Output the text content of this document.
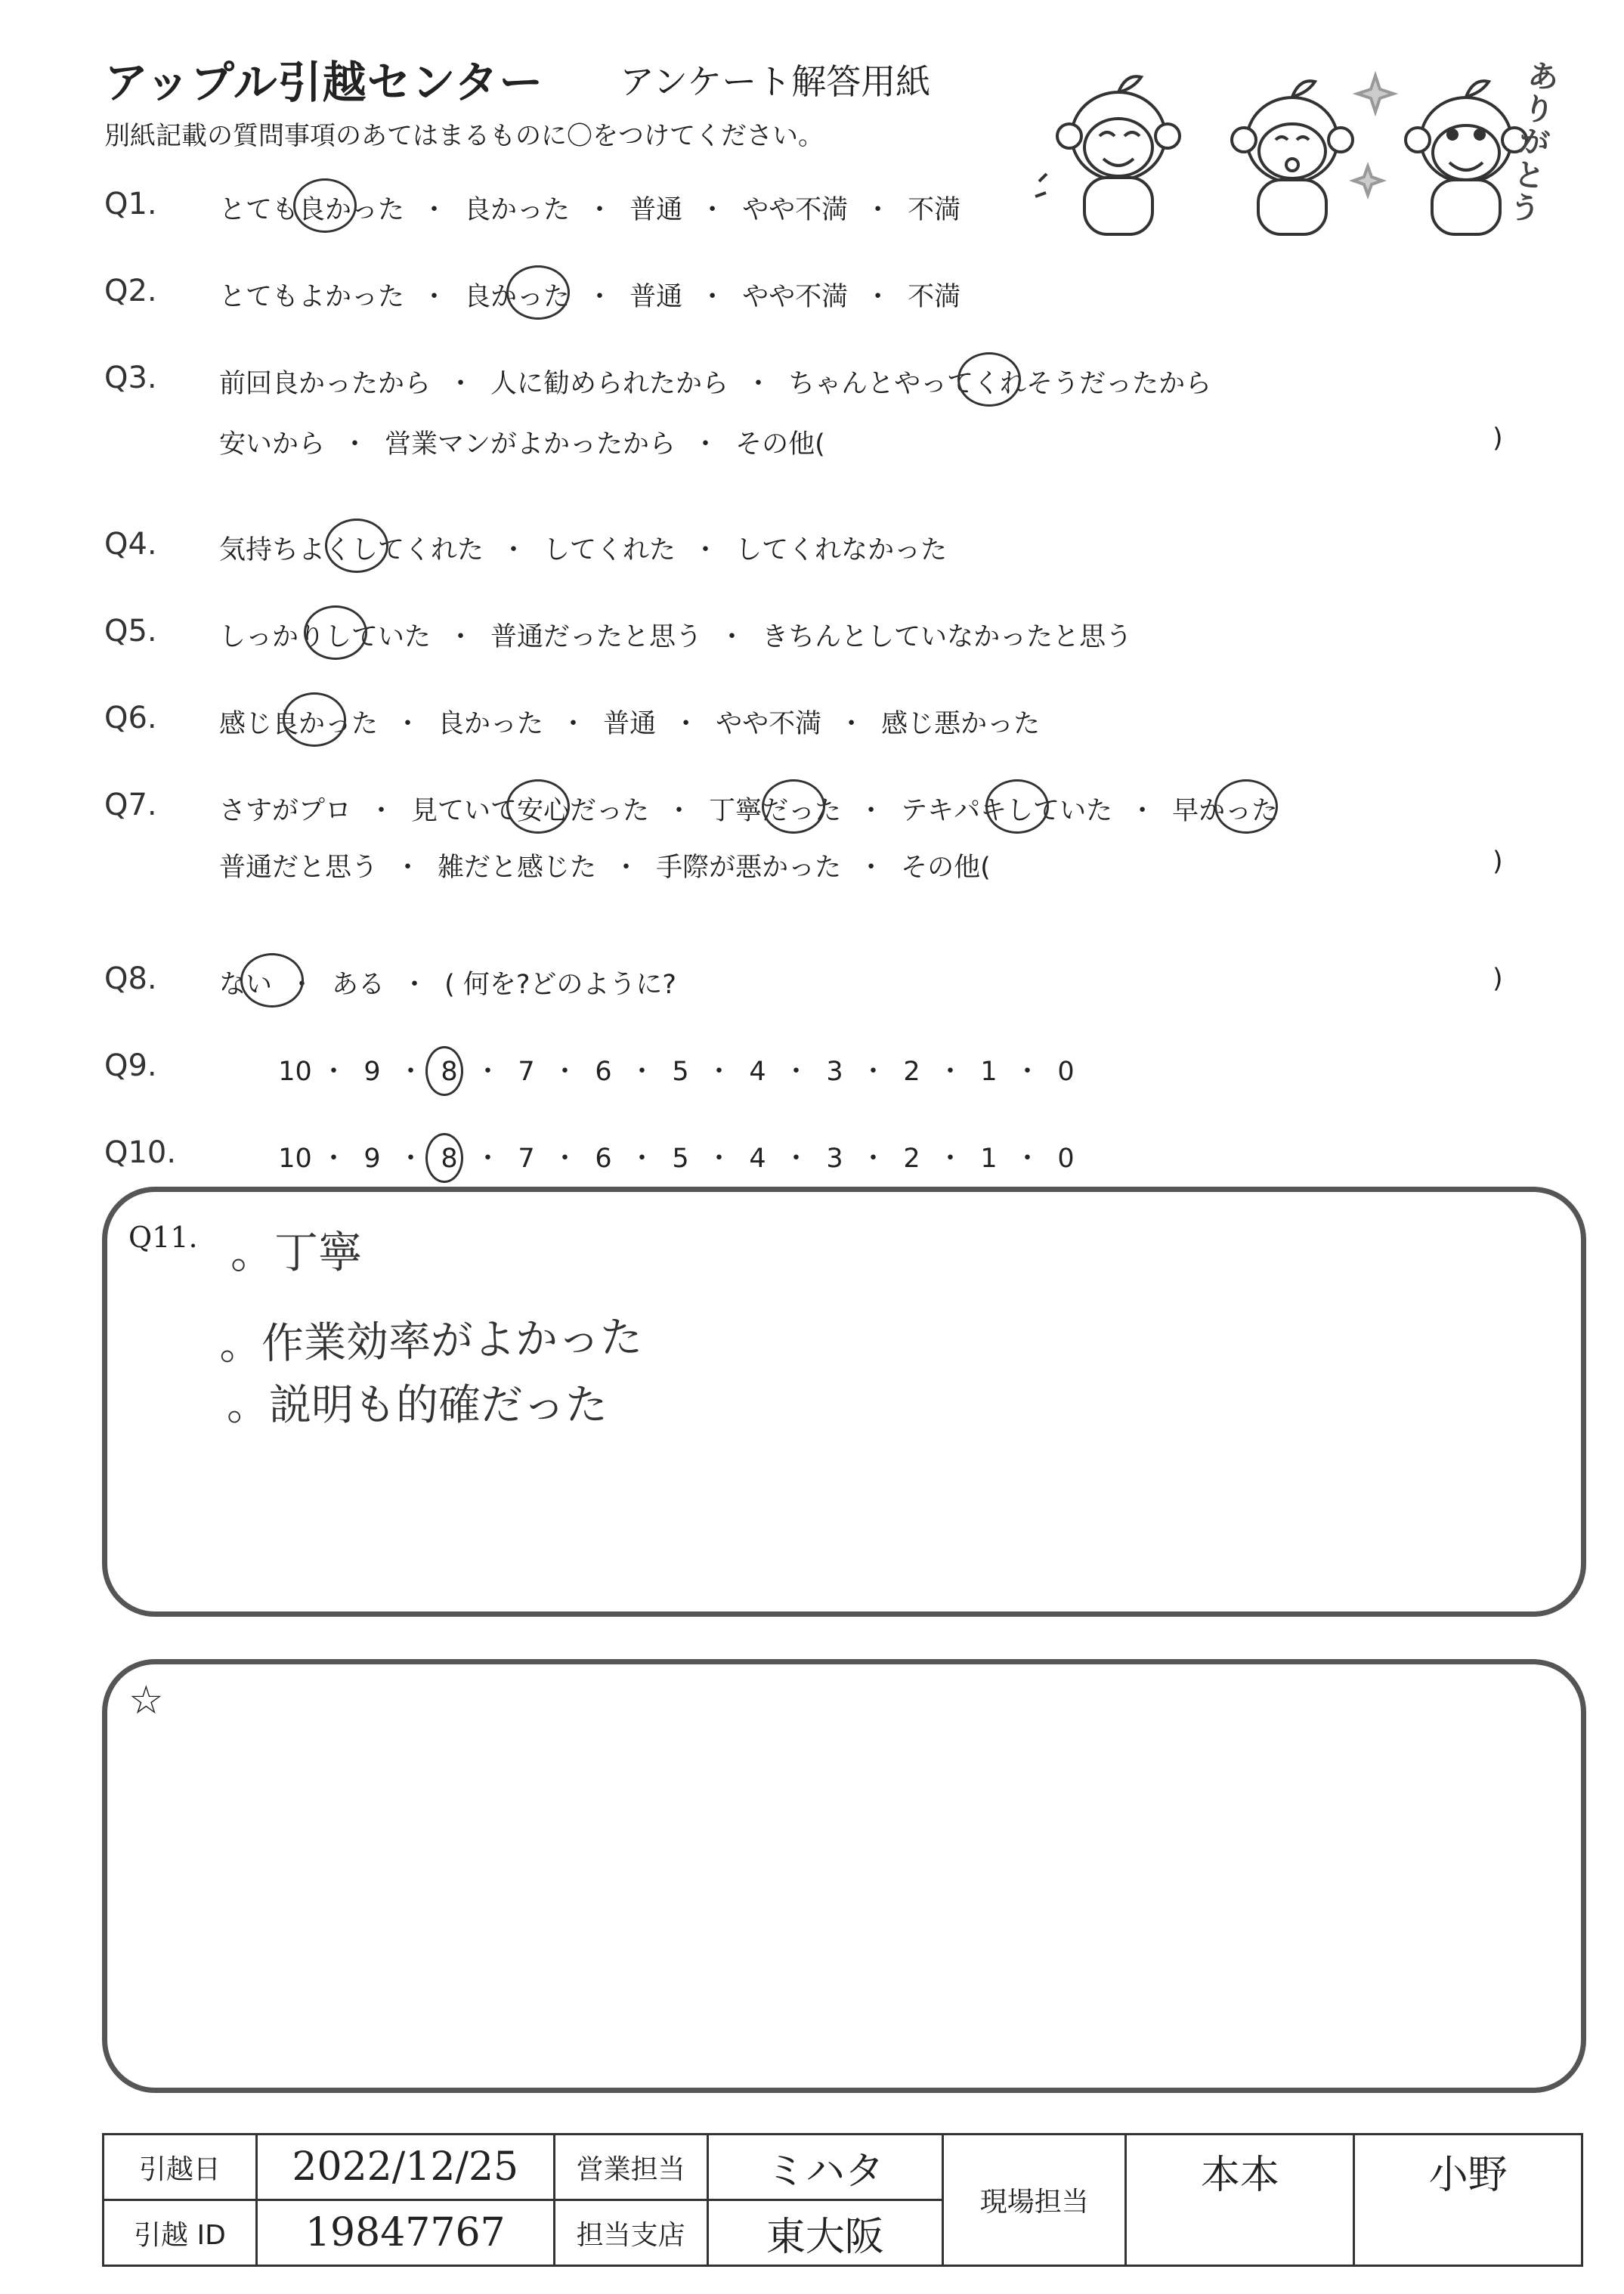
アップル引越センター アンケート解答用紙
別紙記載の質問事項のあてはまるものに〇をつけてください。
ありがとう
Q1. とても良かった ・ 良かった ・ 普通 ・ やや不満 ・ 不満
Q2. とてもよかった ・ 良かった ・ 普通 ・ やや不満 ・ 不満
Q3. 前回良かったから ・ 人に勧められたから ・ ちゃんとやってくれそうだったから
安いから ・ 営業マンがよかったから ・ その他(	)
Q4. 気持ちよくしてくれた ・ してくれた ・ してくれなかった
Q5. しっかりしていた ・ 普通だったと思う ・ きちんとしていなかったと思う
Q6. 感じ良かった ・ 良かった ・ 普通 ・ やや不満 ・ 感じ悪かった
Q7. さすがプロ ・ 見ていて安心だった ・ 丁寧だった ・ テキパキしていた ・ 早かった
普通だと思う ・ 雑だと感じた ・ 手際が悪かった ・ その他(	)
Q8. ない ・ ある ・ ( 何を?どのように?	)
Q9.	10 ・ 9 ・ 8 ・ 7 ・ 6 ・ 5 ・ 4 ・ 3 ・ 2 ・ 1 ・ 0
Q10.	10 ・ 9 ・ 8 ・ 7 ・ 6 ・ 5 ・ 4 ・ 3 ・ 2 ・ 1 ・ 0
Q11. 。丁寧
。作業効率がよかった
。説明も的確だった
☆
引越日	2022/12/25	営業担当	ミハタ	現場担当	本本	小野
引越 ID	19847767	担当支店	東大阪			
